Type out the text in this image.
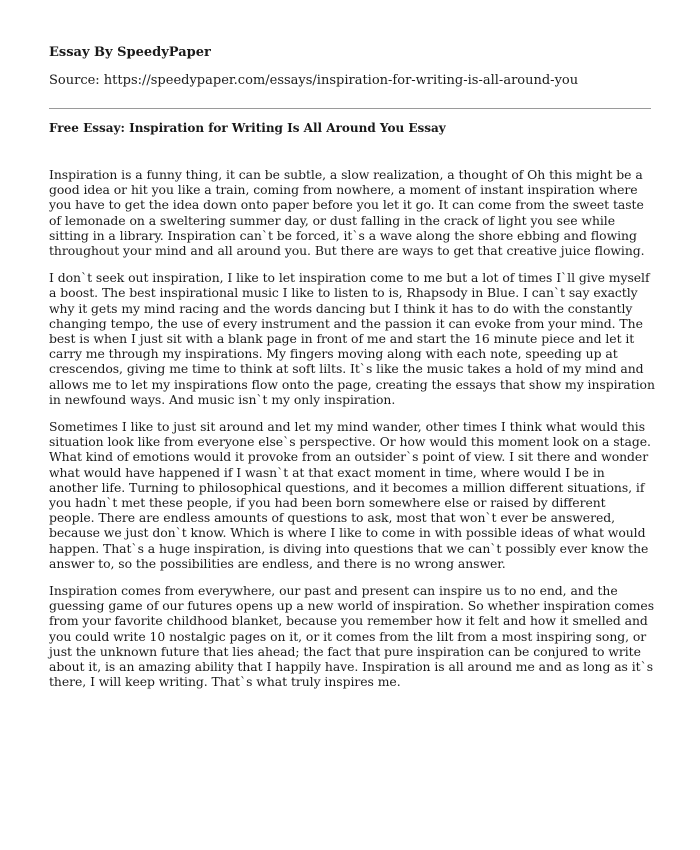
Essay By SpeedyPaper

Source: https://speedypaper.com/essays/inspiration-for-writing-is-all-around-you

Free Essay: Inspiration for Writing Is All Around You Essay

Inspiration is a funny thing, it can be subtle, a slow realization, a thought of Oh this might be a good idea or hit you like a train, coming from nowhere, a moment of instant inspiration where you have to get the idea down onto paper before you let it go. It can come from the sweet taste of lemonade on a sweltering summer day, or dust falling in the crack of light you see while sitting in a library. Inspiration can`t be forced, it`s a wave along the shore ebbing and flowing throughout your mind and all around you. But there are ways to get that creative juice flowing.

I don`t seek out inspiration, I like to let inspiration come to me but a lot of times I`ll give myself a boost. The best inspirational music I like to listen to is, Rhapsody in Blue. I can`t say exactly why it gets my mind racing and the words dancing but I think it has to do with the constantly changing tempo, the use of every instrument and the passion it can evoke from your mind. The best is when I just sit with a blank page in front of me and start the 16 minute piece and let it carry me through my inspirations. My fingers moving along with each note, speeding up at crescendos, giving me time to think at soft lilts. It`s like the music takes a hold of my mind and allows me to let my inspirations flow onto the page, creating the essays that show my inspiration in newfound ways. And music isn`t my only inspiration.

Sometimes I like to just sit around and let my mind wander, other times I think what would this situation look like from everyone else`s perspective. Or how would this moment look on a stage. What kind of emotions would it provoke from an outsider`s point of view. I sit there and wonder what would have happened if I wasn`t at that exact moment in time, where would I be in another life. Turning to philosophical questions, and it becomes a million different situations, if you hadn`t met these people, if you had been born somewhere else or raised by different people. There are endless amounts of questions to ask, most that won`t ever be answered, because we just don`t know. Which is where I like to come in with possible ideas of what would happen. That`s a huge inspiration, is diving into questions that we can`t possibly ever know the answer to, so the possibilities are endless, and there is no wrong answer.

Inspiration comes from everywhere, our past and present can inspire us to no end, and the guessing game of our futures opens up a new world of inspiration. So whether inspiration comes from your favorite childhood blanket, because you remember how it felt and how it smelled and you could write 10 nostalgic pages on it, or it comes from the lilt from a most inspiring song, or just the unknown future that lies ahead; the fact that pure inspiration can be conjured to write about it, is an amazing ability that I happily have. Inspiration is all around me and as long as it`s there, I will keep writing. That`s what truly inspires me.
